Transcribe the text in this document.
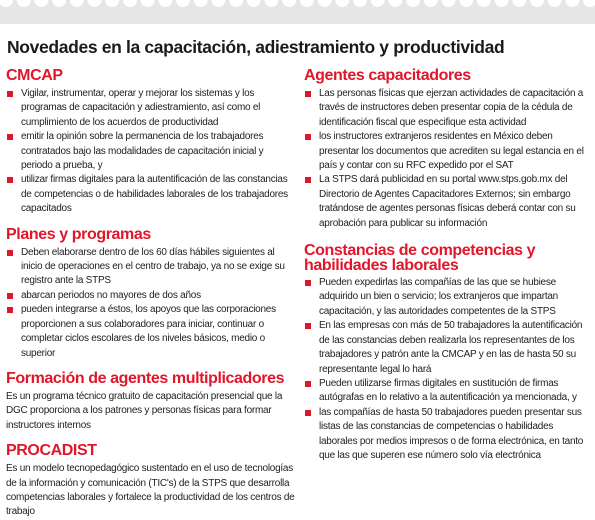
Novedades en la capacitación, adiestramiento y productividad
CMCAP
Vigilar, instrumentar, operar y mejorar los sistemas y los programas de capacitación y adiestramiento, así como el cumplimiento de los acuerdos de productividad
emitir la opinión sobre la permanencia de los trabajadores contratados bajo las modalidades de capacitación inicial y periodo a prueba, y
utilizar firmas digitales para la autentificación de las constancias de competencias o de habilidades laborales de los trabajadores capacitados
Planes y programas
Deben elaborarse dentro de los 60 días hábiles siguientes al inicio de operaciones en el centro de trabajo, ya no se exige su registro ante la STPS
abarcan periodos no mayores de dos años
pueden integrarse a éstos, los apoyos que las corporaciones proporcionen a sus colaboradores para iniciar, continuar o completar ciclos escolares de los niveles básicos, medio o superior
Formación de agentes multiplicadores

Es un programa técnico gratuito de capacitación presencial que la DGC proporciona a los patrones y personas físicas para formar instructores internos

PROCADIST

Es un modelo tecnopedagógico sustentado en el uso de tecnologías de la información y comunicación (TIC's) de la STPS que desarrolla competencias laborales y fortalece la productividad de los centros de trabajo

Agentes capacitadores
Las personas físicas que ejerzan actividades de capacitación a través de instructores deben presentar copia de la cédula de identificación fiscal que especifique esta actividad
los instructores extranjeros residentes en México deben presentar los documentos que acrediten su legal estancia en el país y contar con su RFC expedido por el SAT
La STPS dará publicidad en su portal www.stps.gob.mx del Directorio de Agentes Capacitadores Externos; sin embargo tratándose de agentes personas físicas deberá contar con su aprobación para publicar su información
Constancias de competencias y habilidades laborales
Pueden expedirlas las compañías de las que se hubiese adquirido un bien o servicio; los extranjeros que impartan capacitación, y las autoridades competentes de la STPS
En las empresas con más de 50 trabajadores la autentificación de las constancias deben realizarla los representantes de los trabajadores y patrón ante la CMCAP y en las de hasta 50 su representante legal lo hará
Pueden utilizarse firmas digitales en sustitución de firmas autógrafas en lo relativo a la autentificación ya mencionada, y
las compañías de hasta 50 trabajadores pueden presentar sus listas de las constancias de competencias o habilidades laborales por medios impresos o de forma electrónica, en tanto que las que superen ese número solo vía electrónica
